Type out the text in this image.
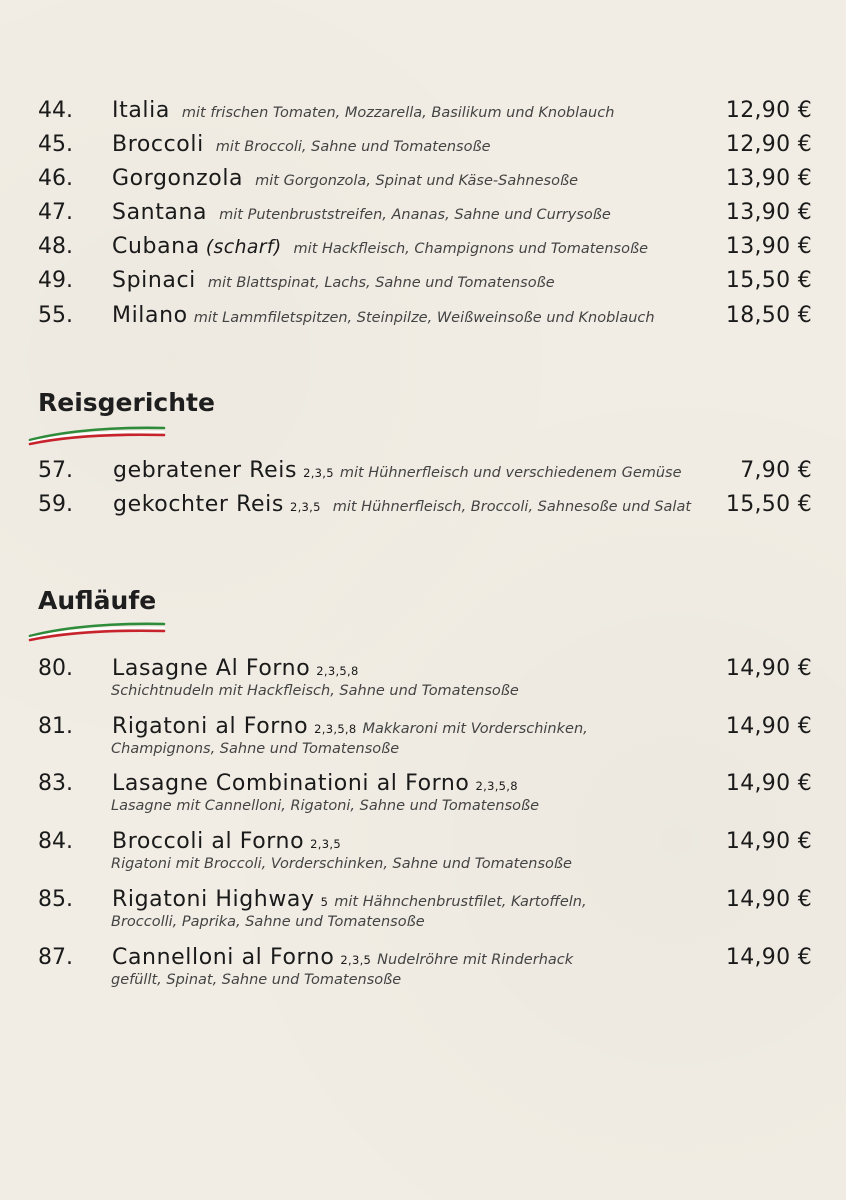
44.	Italia mit frischen Tomaten, Mozzarella, Basilikum und Knoblauch	12,90 €
45.	Broccoli mit Broccoli, Sahne und Tomatensoße	12,90 €
46.	Gorgonzola mit Gorgonzola, Spinat und Käse-Sahnesoße	13,90 €
47.	Santana mit Putenbruststreifen, Ananas, Sahne und Currysoße	13,90 €
48.	Cubana (scharf) mit Hackfleisch, Champignons und Tomatensoße	13,90 €
49.	Spinaci mit Blattspinat, Lachs, Sahne und Tomatensoße	15,50 €
55.	Milano mit Lammfiletspitzen, Steinpilze, Weißweinsoße und Knoblauch	18,50 €
Reisgerichte
57.	gebratener Reis 2,3,5 mit Hühnerfleisch und verschiedenem Gemüse	7,90 €
59.	gekochter Reis 2,3,5 mit Hühnerfleisch, Broccoli, Sahnesoße und Salat 15,50 €
Aufläufe
80.	Lasagne Al Forno 2,3,5,8	14,90 €
Schichtnudeln mit Hackfleisch, Sahne und Tomatensoße
81.	Rigatoni al Forno 2,3,5,8 Makkaroni mit Vorderschinken,	14,90 €
Champignons, Sahne und Tomatensoße
83.	Lasagne Combinationi al Forno 2,3,5,8	14,90 €
Lasagne mit Cannelloni, Rigatoni, Sahne und Tomatensoße
84.	Broccoli al Forno 2,3,5	14,90 €
Rigatoni mit Broccoli, Vorderschinken, Sahne und Tomatensoße
85.	Rigatoni Highway 5 mit Hähnchenbrustfilet, Kartoffeln,	14,90 €
Broccolli, Paprika, Sahne und Tomatensoße
87.	Cannelloni al Forno 2,3,5 Nudelröhre mit Rinderhack	14,90 €
gefüllt, Spinat, Sahne und Tomatensoße
